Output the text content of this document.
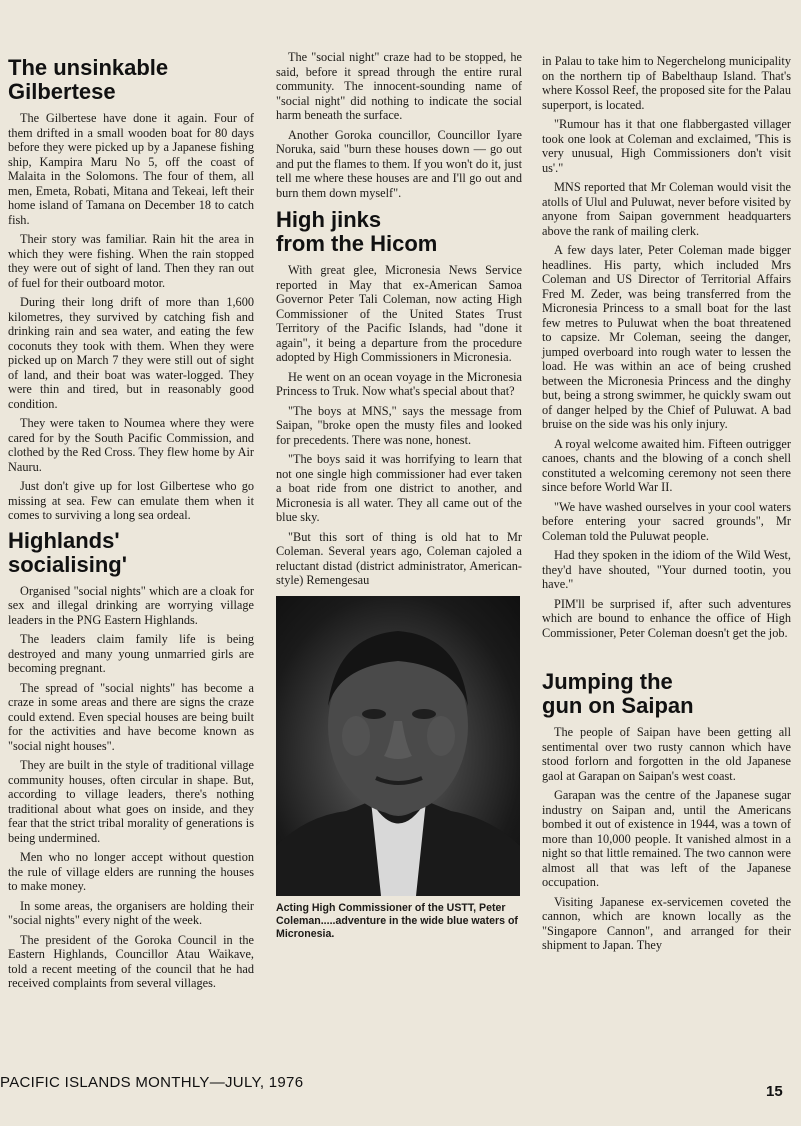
The unsinkable
Gilbertese

The Gilbertese have done it again. Four of them drifted in a small wooden boat for 80 days before they were picked up by a Japanese fishing ship, Kampira Maru No 5, off the coast of Malaita in the Solomons. The four of them, all men, Emeta, Robati, Mitana and Tekeai, left their home island of Tamana on December 18 to catch fish.

Their story was familiar. Rain hit the area in which they were fishing. When the rain stopped they were out of sight of land. Then they ran out of fuel for their outboard motor.

During their long drift of more than 1,600 kilometres, they survived by catching fish and drinking rain and sea water, and eating the few coconuts they took with them. When they were picked up on March 7 they were still out of sight of land, and their boat was water-logged. They were thin and tired, but in reasonably good condition.

They were taken to Noumea where they were cared for by the South Pacific Commission, and clothed by the Red Cross. They flew home by Air Nauru.

Just don't give up for lost Gilbertese who go missing at sea. Few can emulate them when it comes to surviving a long sea ordeal.

Highlands'
socialising'

Organised "social nights" which are a cloak for sex and illegal drinking are worrying village leaders in the PNG Eastern Highlands.

The leaders claim family life is being destroyed and many young unmarried girls are becoming pregnant.

The spread of "social nights" has become a craze in some areas and there are signs the craze could extend. Even special houses are being built for the activities and have become known as "social night houses".

They are built in the style of traditional village community houses, often circular in shape. But, according to village leaders, there's nothing traditional about what goes on inside, and they fear that the strict tribal morality of generations is being undermined.

Men who no longer accept without question the rule of village elders are running the houses to make money.

In some areas, the organisers are holding their "social nights" every night of the week.

The president of the Goroka Council in the Eastern Highlands, Councillor Atau Waikave, told a recent meeting of the council that he had received complaints from several villages.

The "social night" craze had to be stopped, he said, before it spread through the entire rural community. The innocent-sounding name of "social night" did nothing to indicate the social harm beneath the surface.

Another Goroka councillor, Councillor Iyare Noruka, said "burn these houses down — go out and put the flames to them. If you won't do it, just tell me where these houses are and I'll go out and burn them down myself".

High jinks
from the Hicom

With great glee, Micronesia News Service reported in May that ex-American Samoa Governor Peter Tali Coleman, now acting High Commissioner of the United States Trust Territory of the Pacific Islands, had "done it again", it being a departure from the procedure adopted by High Commissioners in Micronesia.

He went on an ocean voyage in the Micronesia Princess to Truk. Now what's special about that?

"The boys at MNS," says the message from Saipan, "broke open the musty files and looked for precedents. There was none, honest.

"The boys said it was horrifying to learn that not one single high commissioner had ever taken a boat ride from one district to another, and Micronesia is all water. They all came out of the blue sky.

"But this sort of thing is old hat to Mr Coleman. Several years ago, Coleman cajoled a reluctant distad (district administrator, American-style) Remengesau

Acting High Commissioner of the USTT, Peter Coleman.....adventure in the wide blue waters of Micronesia.

in Palau to take him to Negerchelong municipality on the northern tip of Babelthaup Island. That's where Kossol Reef, the proposed site for the Palau superport, is located.

"Rumour has it that one flabbergasted villager took one look at Coleman and exclaimed, 'This is very unusual, High Commissioners don't visit us'."

MNS reported that Mr Coleman would visit the atolls of Ulul and Puluwat, never before visited by anyone from Saipan government headquarters above the rank of mailing clerk.

A few days later, Peter Coleman made bigger headlines. His party, which included Mrs Coleman and US Director of Territorial Affairs Fred M. Zeder, was being transferred from the Micronesia Princess to a small boat for the last few metres to Puluwat when the boat threatened to capsize. Mr Coleman, seeing the danger, jumped overboard into rough water to lessen the load. He was within an ace of being crushed between the Micronesia Princess and the dinghy but, being a strong swimmer, he quickly swam out of danger helped by the Chief of Puluwat. A bad bruise on the side was his only injury.

A royal welcome awaited him. Fifteen outrigger canoes, chants and the blowing of a conch shell constituted a welcoming ceremony not seen there since before World War II.

"We have washed ourselves in your cool waters before entering your sacred grounds", Mr Coleman told the Puluwat people.

Had they spoken in the idiom of the Wild West, they'd have shouted, "Your durned tootin, you have."

PIM'll be surprised if, after such adventures which are bound to enhance the office of High Commissioner, Peter Coleman doesn't get the job.

Jumping the
gun on Saipan

The people of Saipan have been getting all sentimental over two rusty cannon which have stood forlorn and forgotten in the old Japanese gaol at Garapan on Saipan's west coast.

Garapan was the centre of the Japanese sugar industry on Saipan and, until the Americans bombed it out of existence in 1944, was a town of more than 10,000 people. It vanished almost in a night so that little remained. The two cannon were almost all that was left of the Japanese occupation.

Visiting Japanese ex-servicemen coveted the cannon, which are known locally as the "Singapore Cannon", and arranged for their shipment to Japan. They

PACIFIC ISLANDS MONTHLY—JULY, 1976
15
